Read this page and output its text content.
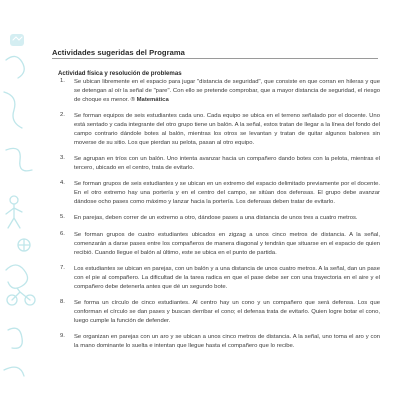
Actividades sugeridas del Programa
Actividad física y resolución de problemas
1. Se ubican libremente en el espacio para jugar "distancia de seguridad", que consiste en que corran en hileras y que se detengan al oír la señal de "pare". Con ello se pretende comprobar, que a mayor distancia de seguridad, el riesgo de choque es menor. ® Matemática
2. Se forman equipos de seis estudiantes cada uno. Cada equipo se ubica en el terreno señalado por el docente. Uno está sentado y cada integrante del otro grupo tiene un balón. A la señal, estos tratan de llegar a la línea del fondo del campo contrario dándole botes al balón, mientras los otros se levantan y tratan de quitar algunos balones sin moverse de su sitio. Los que pierdan su pelota, pasan al otro equipo.
3. Se agrupan en tríos con un balón. Uno intenta avanzar hacia un compañero dando botes con la pelota, mientras el tercero, ubicado en el centro, trata de evitarlo.
4. Se forman grupos de seis estudiantes y se ubican en un extremo del espacio delimitado previamente por el docente. En el otro extremo hay una portería y en el centro del campo, se sitúan dos defensas. El grupo debe avanzar dándose ocho pases como máximo y lanzar hacia la portería. Los defensas deben tratar de evitarlo.
5. En parejas, deben correr de un extremo a otro, dándose pases a una distancia de unos tres a cuatro metros.
6. Se forman grupos de cuatro estudiantes ubicados en zigzag a unos cinco metros de distancia. A la señal, comenzarán a darse pases entre los compañeros de manera diagonal y tendrán que situarse en el espacio de quien recibió. Cuando llegue el balón al último, este se ubica en el punto de partida.
7. Los estudiantes se ubican en parejas, con un balón y a una distancia de unos cuatro metros. A la señal, dan un pase con el pie al compañero. La dificultad de la tarea radica en que el pase debe ser con una trayectoria en el aire y el compañero debe detenerla antes que dé un segundo bote.
8. Se forma un círculo de cinco estudiantes. Al centro hay un cono y un compañero que será defensa. Los que conforman el círculo se dan pases y buscan derribar el cono; el defensa trata de evitarlo. Quien logre botar el cono, luego cumple la función de defender.
9. Se organizan en parejas con un aro y se ubican a unos cinco metros de distancia. A la señal, uno toma el aro y con la mano dominante lo suelta e intentan que llegue hasta el compañero que lo recibe.
